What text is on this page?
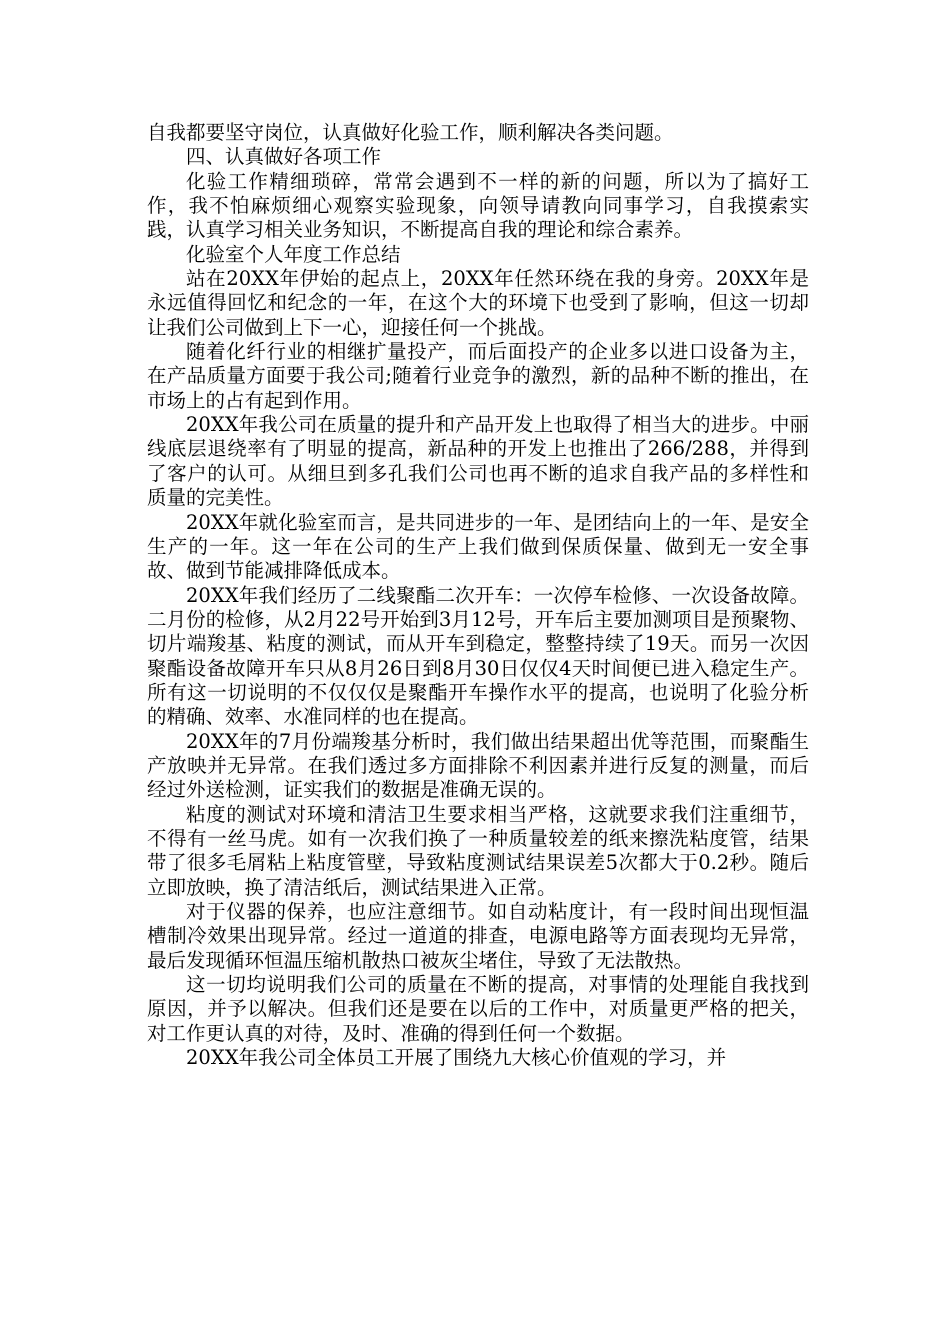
自我都要坚守岗位，认真做好化验工作，顺利解决各类问题。

四、认真做好各项工作

化验工作精细琐碎，常常会遇到不一样的新的问题，所以为了搞好工作，我不怕麻烦细心观察实验现象，向领导请教向同事学习，自我摸索实践，认真学习相关业务知识，不断提高自我的理论和综合素养。

化验室个人年度工作总结

站在20XX年伊始的起点上，20XX年任然环绕在我的身旁。20XX年是永远值得回忆和纪念的一年，在这个大的环境下也受到了影响，但这一切却让我们公司做到上下一心，迎接任何一个挑战。

随着化纤行业的相继扩量投产，而后面投产的企业多以进口设备为主，在产品质量方面要于我公司;随着行业竞争的激烈，新的品种不断的推出，在市场上的占有起到作用。

20XX年我公司在质量的提升和产品开发上也取得了相当大的进步。中丽线底层退绕率有了明显的提高，新品种的开发上也推出了266/288，并得到了客户的认可。从细旦到多孔我们公司也再不断的追求自我产品的多样性和质量的完美性。

20XX年就化验室而言，是共同进步的一年、是团结向上的一年、是安全生产的一年。这一年在公司的生产上我们做到保质保量、做到无一安全事故、做到节能减排降低成本。

20XX年我们经历了二线聚酯二次开车：一次停车检修、一次设备故障。二月份的检修，从2月22号开始到3月12号，开车后主要加测项目是预聚物、切片端羧基、粘度的测试，而从开车到稳定，整整持续了19天。而另一次因聚酯设备故障开车只从8月26日到8月30日仅仅4天时间便已进入稳定生产。所有这一切说明的不仅仅仅是聚酯开车操作水平的提高，也说明了化验分析的精确、效率、水准同样的也在提高。

20XX年的7月份端羧基分析时，我们做出结果超出优等范围，而聚酯生产放映并无异常。在我们透过多方面排除不利因素并进行反复的测量，而后经过外送检测，证实我们的数据是准确无误的。

粘度的测试对环境和清洁卫生要求相当严格，这就要求我们注重细节，不得有一丝马虎。如有一次我们换了一种质量较差的纸来擦洗粘度管，结果带了很多毛屑粘上粘度管壁，导致粘度测试结果误差5次都大于0.2秒。随后立即放映，换了清洁纸后，测试结果进入正常。

对于仪器的保养，也应注意细节。如自动粘度计，有一段时间出现恒温槽制冷效果出现异常。经过一道道的排查，电源电路等方面表现均无异常，最后发现循环恒温压缩机散热口被灰尘堵住，导致了无法散热。

这一切均说明我们公司的质量在不断的提高，对事情的处理能自我找到原因，并予以解决。但我们还是要在以后的工作中，对质量更严格的把关，对工作更认真的对待，及时、准确的得到任何一个数据。

20XX年我公司全体员工开展了围绕九大核心价值观的学习，并
